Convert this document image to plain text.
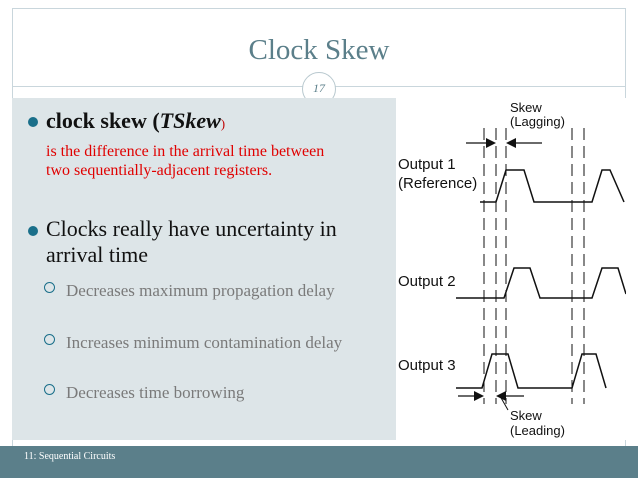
Clock Skew
17
clock skew (TSkew)
is the difference in the arrival time between two sequentially-adjacent registers.
Clocks really have uncertainty in arrival time
Decreases maximum propagation delay
Increases minimum contamination delay
Decreases time borrowing
Skew
(Lagging)
Output 1
(Reference)
Output 2
Output 3
Skew
(Leading)
11: Sequential Circuits
